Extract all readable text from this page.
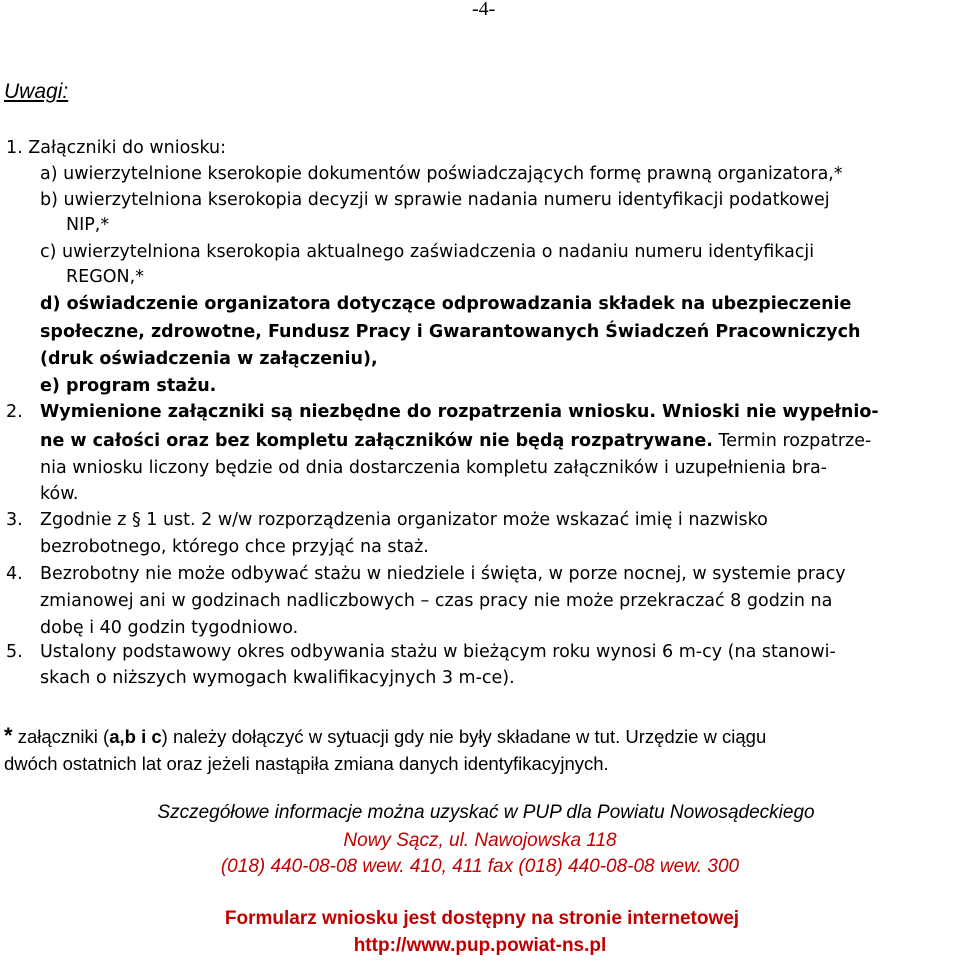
-4-
Uwagi:
1. Załączniki do wniosku:
a) uwierzytelnione kserokopie dokumentów poświadczających formę prawną organizatora,*
b) uwierzytelniona kserokopia decyzji w sprawie nadania numeru identyfikacji podatkowej
NIP,*
c) uwierzytelniona kserokopia aktualnego zaświadczenia o nadaniu numeru identyfikacji
REGON,*
d) oświadczenie organizatora dotyczące odprowadzania składek na ubezpieczenie
społeczne, zdrowotne, Fundusz Pracy i Gwarantowanych Świadczeń Pracowniczych
(druk oświadczenia w załączeniu),
e) program stażu.
2. Wymienione załączniki są niezbędne do rozpatrzenia wniosku. Wnioski nie wypełnio-
ne w całości oraz bez kompletu załączników nie będą rozpatrywane. Termin rozpatrze-
nia wniosku liczony będzie od dnia dostarczenia kompletu załączników i uzupełnienia bra-
ków.
3. Zgodnie z § 1 ust. 2 w/w rozporządzenia organizator może wskazać imię i nazwisko
bezrobotnego, którego chce przyjąć na staż.
4. Bezrobotny nie może odbywać stażu w niedziele i święta, w porze nocnej, w systemie pracy
zmianowej ani w godzinach nadliczbowych – czas pracy nie może przekraczać 8 godzin na
dobę i 40 godzin tygodniowo.
5. Ustalony podstawowy okres odbywania stażu w bieżącym roku wynosi 6 m-cy (na stanowi-
skach o niższych wymogach kwalifikacyjnych 3 m-ce).
* załączniki (a,b i c) należy dołączyć w sytuacji gdy nie były składane w tut. Urzędzie w ciągu
dwóch ostatnich lat oraz jeżeli nastąpiła zmiana danych identyfikacyjnych.
Szczegółowe informacje można uzyskać w PUP dla Powiatu Nowosądeckiego
Nowy Sącz, ul. Nawojowska 118
(018) 440-08-08 wew. 410, 411 fax (018) 440-08-08 wew. 300
Formularz wniosku jest dostępny na stronie internetowej
http://www.pup.powiat-ns.pl
